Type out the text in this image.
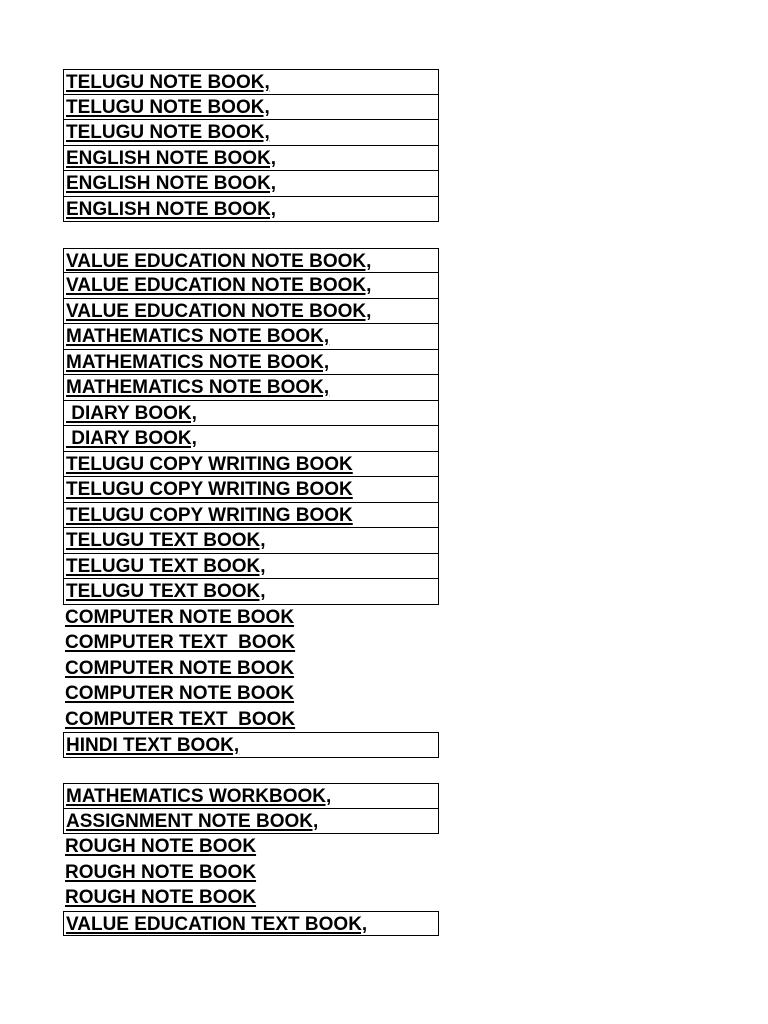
TELUGU NOTE BOOK,
TELUGU NOTE BOOK,
TELUGU NOTE BOOK,
ENGLISH NOTE BOOK,
ENGLISH NOTE BOOK,
ENGLISH NOTE BOOK,
VALUE EDUCATION NOTE BOOK,
VALUE EDUCATION NOTE BOOK,
VALUE EDUCATION NOTE BOOK,
MATHEMATICS NOTE BOOK,
MATHEMATICS NOTE BOOK,
MATHEMATICS NOTE BOOK,
DIARY BOOK,
DIARY BOOK,
TELUGU COPY WRITING BOOK
TELUGU COPY WRITING BOOK
TELUGU COPY WRITING BOOK
TELUGU TEXT BOOK,
TELUGU TEXT BOOK,
TELUGU TEXT BOOK,
COMPUTER NOTE BOOK
COMPUTER TEXT  BOOK
COMPUTER NOTE BOOK
COMPUTER NOTE BOOK
COMPUTER TEXT  BOOK
HINDI TEXT BOOK,
MATHEMATICS WORKBOOK,
ASSIGNMENT NOTE BOOK,
ROUGH NOTE BOOK
ROUGH NOTE BOOK
ROUGH NOTE BOOK
VALUE EDUCATION TEXT BOOK,
